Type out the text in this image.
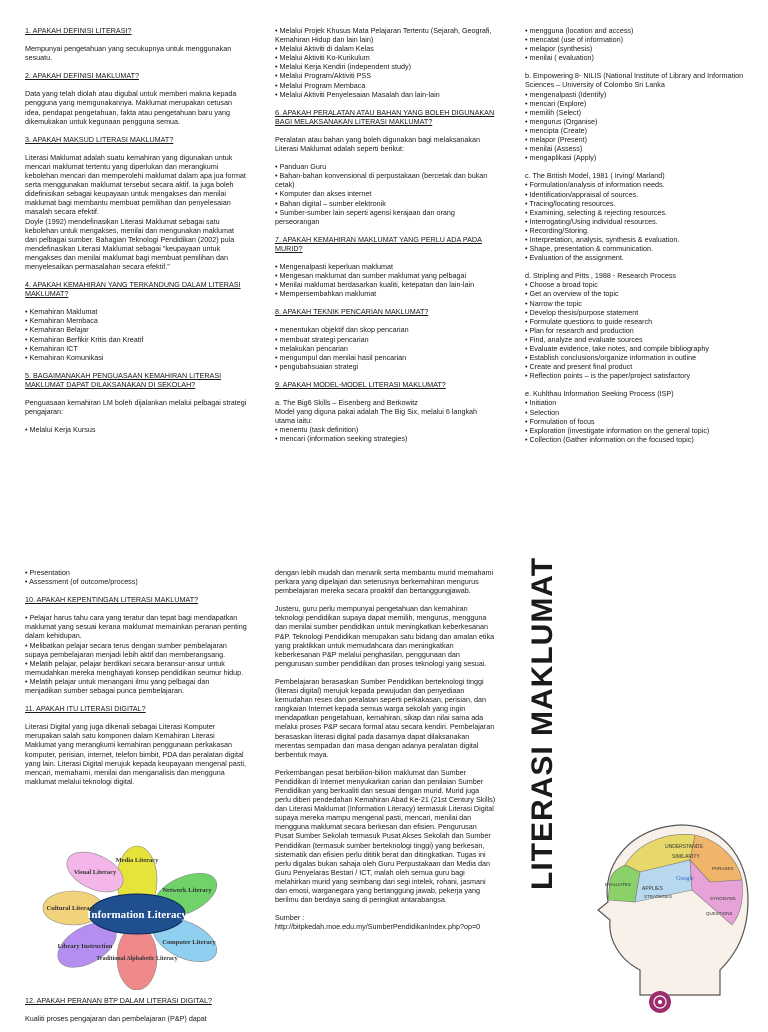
1. APAKAH DEFINISI LITERASI?

Mempunyai pengetahuan yang secukupnya untuk menggunakan sesuatu.

2. APAKAH DEFINISI MAKLUMAT?

Data yang telah diolah atau digubal untuk memberi makna kepada pengguna yang memgunakannya. Maklumat merupakan cetusan idea, pendapat pengetahuan, fakta atau pengetahuan baru yang dikemukakan untuk kegunaan pengguna semua.

3. APAKAH MAKSUD LITERASI MAKLUMAT?

Literasi Maklumat adalah suatu kemahiran yang digunakan untuk mencari maklumat tertentu yang diperlukan dan merangkumi kebolehan mencari dan memperolehi maklumat dalam apa jua format serta menggunakan maklumat tersebut secara aktif. Ia juga boleh didefinisikan sebagai keupayaan untuk mengakses dan menilai maklumat bagi membantu membuat pemilihan dan penyelesaian masalah secara efektif.

Doyle (1992) mendefinasikan Literasi Maklumat sebagai satu kebolehan untuk mengakses, menilai dan mengunakan maklumat dari pelbagai sumber. Bahagian Teknologi Pendidikan (2002) pula mendefinasikan Literasi Maklumat sebagai "keupayaan untuk mengakses dan menilai maklumat bagi membuat pemilihan dan menyelesaikan permasalahan secara efektif."

4. APAKAH KEMAHIRAN YANG TERKANDUNG DALAM LITERASI MAKLUMAT?
• Kemahiran Maklumat
• Kemahiran Membaca
• Kemahiran Belajar
• Kemahiran Berfikir Kritis dan Kreatif
• Kemahiran ICT
• Kemahiran Komunikasi
5. BAGAIMANAKAH PENGUASAAN KEMAHIRAN LITERASI MAKLUMAT DAPAT DILAKSANAKAN DI SEKOLAH?

Penguasaan kemahiran LM boleh dijalankan melalui pelbagai strategi pengajaran:

• Melalui Kerja Kursus
• Melalui Projek Khusus Mata Pelajaran Tertentu (Sejarah, Geografi, Kemahiran Hidup dan lain lain)
• Melalui Aktiviti di dalam Kelas
• Melalui Aktiviti Ko-Kurikulum
• Melalui Kerja Kendiri (independent study)
• Melalui Program/Aktiviti PSS
• Melalui Program Membaca
• Melalui Aktiviti Penyelesaian Masalah dan lain-lain
6. APAKAH PERALATAN ATAU BAHAN YANG BOLEH DIGUNAKAN BAGI MELAKSANAKAN LITERASI MAKLUMAT?

Peralatan atau bahan yang boleh digunakan bagi melaksanakan Literasi Maklumat adalah seperti berikut:

• Panduan Guru
• Bahan-bahan konvensional di perpustakaan (bercetak dan bukan cetak)
• Komputer dan akses internet
• Bahan digital – sumber elektronik
• Sumber-sumber lain seperti agensi kerajaan dan orang perseorangan
7. APAKAH KEMAHIRAN MAKLUMAT YANG PERLU ADA PADA MURID?
• Mengenalpasti keperluan maklumat
• Mengesan maklumat dan sumber maklumat yang pelbagai
• Menilai maklumat berdasarkan kualiti, ketepatan dan lain-lain
• Mempersembahkan maklumat
8. APAKAH TEKNIK PENCARIAN MAKLUMAT?
• menentukan objektif dan skop pencarian
• membuat strategi pencarian
• melakukan pencarian
• mengumpul dan menilai hasil pencarian
• pengubahsuaian strategi
9. APAKAH MODEL-MODEL LITERASI MAKLUMAT?

a. The Big6 Skills – Eisenberg and Berkowitz

Model yang diguna pakai adalah The Big Six, melalui 6 langkah utama iaitu:

• menentu (task definition)
• mencari (information seeking strategies)
• mengguna (location and access)
• mencatat (use of information)
• melapor (synthesis)
• menilai ( evaluation)

b. Empowering 8- NILIS (National Institute of Library and Information Sciences – University of Colombo Sri Lanka

• mengenalpasti (Identify)
• mencari (Explore)
• memilih (Select)
• mengurus (Organise)
• mencipta (Create)
• melapor (Present)
• menilai (Assess)
• mengaplikasi (Apply)

c. The British Model, 1981 ( Irving/ Marland)

• Formulation/analysis of information needs.
• Identification/appraisal of sources.
• Tracing/locating resources.
• Examining, selecting & rejecting resources.
• Interrogating/Using individual resources.
• Recording/Storing.
• Interpretation, analysis, synthesis & evaluation.
• Shape, presentation & communication.
• Evaluation of the assignment.

d. Stripling and Pitts , 1988 - Research Process

• Choose a broad topic
• Get an overview of the topic
• Narrow the topic
• Develop thesis/purpose statement
• Formulate questions to guide research
• Plan for research and production
• Find, analyze and evaluate sources
• Evaluate evidence, take notes, and compile bibliography
• Establish conclusions/organize information in outline
• Create and present final product
• Reflection points – is the paper/project satisfactory

e. Kuhlthau Information Seeking Process (ISP)

• Initiation
• Selection
• Formulation of focus
• Exploration (investigate information on the general topic)
• Collection (Gather information on the focused topic)
• Presentation
• Assessment (of outcome/process)
10. APAKAH KEPENTINGAN LITERASI MAKLUMAT?
• Pelajar harus tahu cara yang teratur dan tepat bagi mendapatkan maklumat yang sesuai kerana maklumat memainkan peranan penting dalam kehidupan.
• Melibatkan pelajar secara terus dengan sumber pembelajaran supaya pembelajaran menjadi lebih aktif dan memberangsang.
• Melatih pelajar, pelajar berdikari secara beransur-ansur untuk memudahkan mereka menghayati konsep pendidikan seumur hidup.
• Melatih pelajar untuk menangani ilmu yang pelbagai dan menjadikan sumber sebagai punca pembelajaran.
11. APAKAH ITU LITERASI DIGITAL?

Literasi Digital yang juga dikenali sebagai Literasi Komputer merupakan salah satu komponen dalam Kemahiran Literasi Maklumat yang merangkumi kemahiran penggunaan perkakasan komputer, perisian, internet, telefon bimbit, PDA dan peralatan digital yang lain. Literasi Digital merujuk kepada keupayaan mengenal pasti, mencari, memahami, menilai dan menganalisis dan mengguna maklumat melalui teknologi digital.

Information Literacy
Media Literacy
Network Literacy
Computer Literacy
Traditional Alphabetic Literacy
Library Instruction
Cultural Literacy
Visual Literacy
12. APAKAH PERANAN BTP DALAM LITERASI DIGITAL?

Kualiti proses pengajaran dan pembelajaran (P&P) dapat

dengan lebih mudah dan menarik serta membantu murid memahami perkara yang dipelajari dan seterusnya berkemahiran mengurus pembelajaran mereka secara proaktif dan bertanggungjawab.

Justeru, guru perlu mempunyai pengetahuan dan kemahiran teknologi pendidikan supaya dapat memilih, mengurus, mengguna dan menilai sumber pendidikan untuk meningkatkan keberkesanan P&P. Teknologi Pendidikan merupakan satu bidang dan amalan etika yang praktikkan untuk memudahcara dan meningkatkan keberkesanan P&P melalui penghasilan, penggunaan dan pengurusan sumber pendidikan dan proses teknologi yang sesuai.

Pembelajaran berasaskan Sumber Pendidikan berteknologi tinggi (literasi digital) merujuk kepada pewujudan dan penyediaan kemudahan reses dan peralatan seperti perkakasan, perisian, dan rangkaian Internet kepada semua warga sekolah yang ingin mendapatkan pengetahuan, kemahiran, sikap dan nilai sama ada melalui proses P&P secara formal atau secara kendiri. Pembelajaran berasaskan literasi digital pada dasarnya dapat dilaksanakan merentas sempadan dan masa dengan adanya peralatan digital berbentuk maya.

Perkembangan pesat berbilion-bilion maklumat dan Sumber Pendidikan di Internet menyukarkan carian dan penilaian Sumber Pendidikan yang berkualiti dan sesuai dengan murid. Murid juga perlu diberi pendedahan Kemahiran Abad Ke-21 (21st Century Skills) dan Literasi Maklumat (Information Literacy) termasuk Literasi Digital supaya mereka mampu mengenal pasti, mencari, menilai dan mengguna maklumat secara berkesan dan efisien. Pengurusan Pusat Sumber Sekolah termasuk Pusat Akses Sekolah dan Sumber Pendidikan (termasuk sumber berteknologi tinggi) yang berkesan, sistematik dan efisien perlu dititik berat dan ditingkatkan. Tugas ini perlu digalas bukan sahaja oleh Guru Perpustakaan dan Media dan Guru Penyelaras Bestari / ICT, malah oleh semua guru bagi melahirkan murid yang seimbang dari segi intelek, rohani, jasmani dan emosi, warganegara yang bertanggung jawab, pekerja yang berilmu dan berdaya saing di peringkat antarabangsa.

Sumber :

http://bitpkedah.moe.edu.my/SumberPendidikanIndex.php?op=0

LITERASI MAKLUMAT	UNDERSTANDS
SIMILARITY
APPLIES
EVALUATES
STRATEGIES
Google
PHRASES
SYNONYMS
QUESTIONS
